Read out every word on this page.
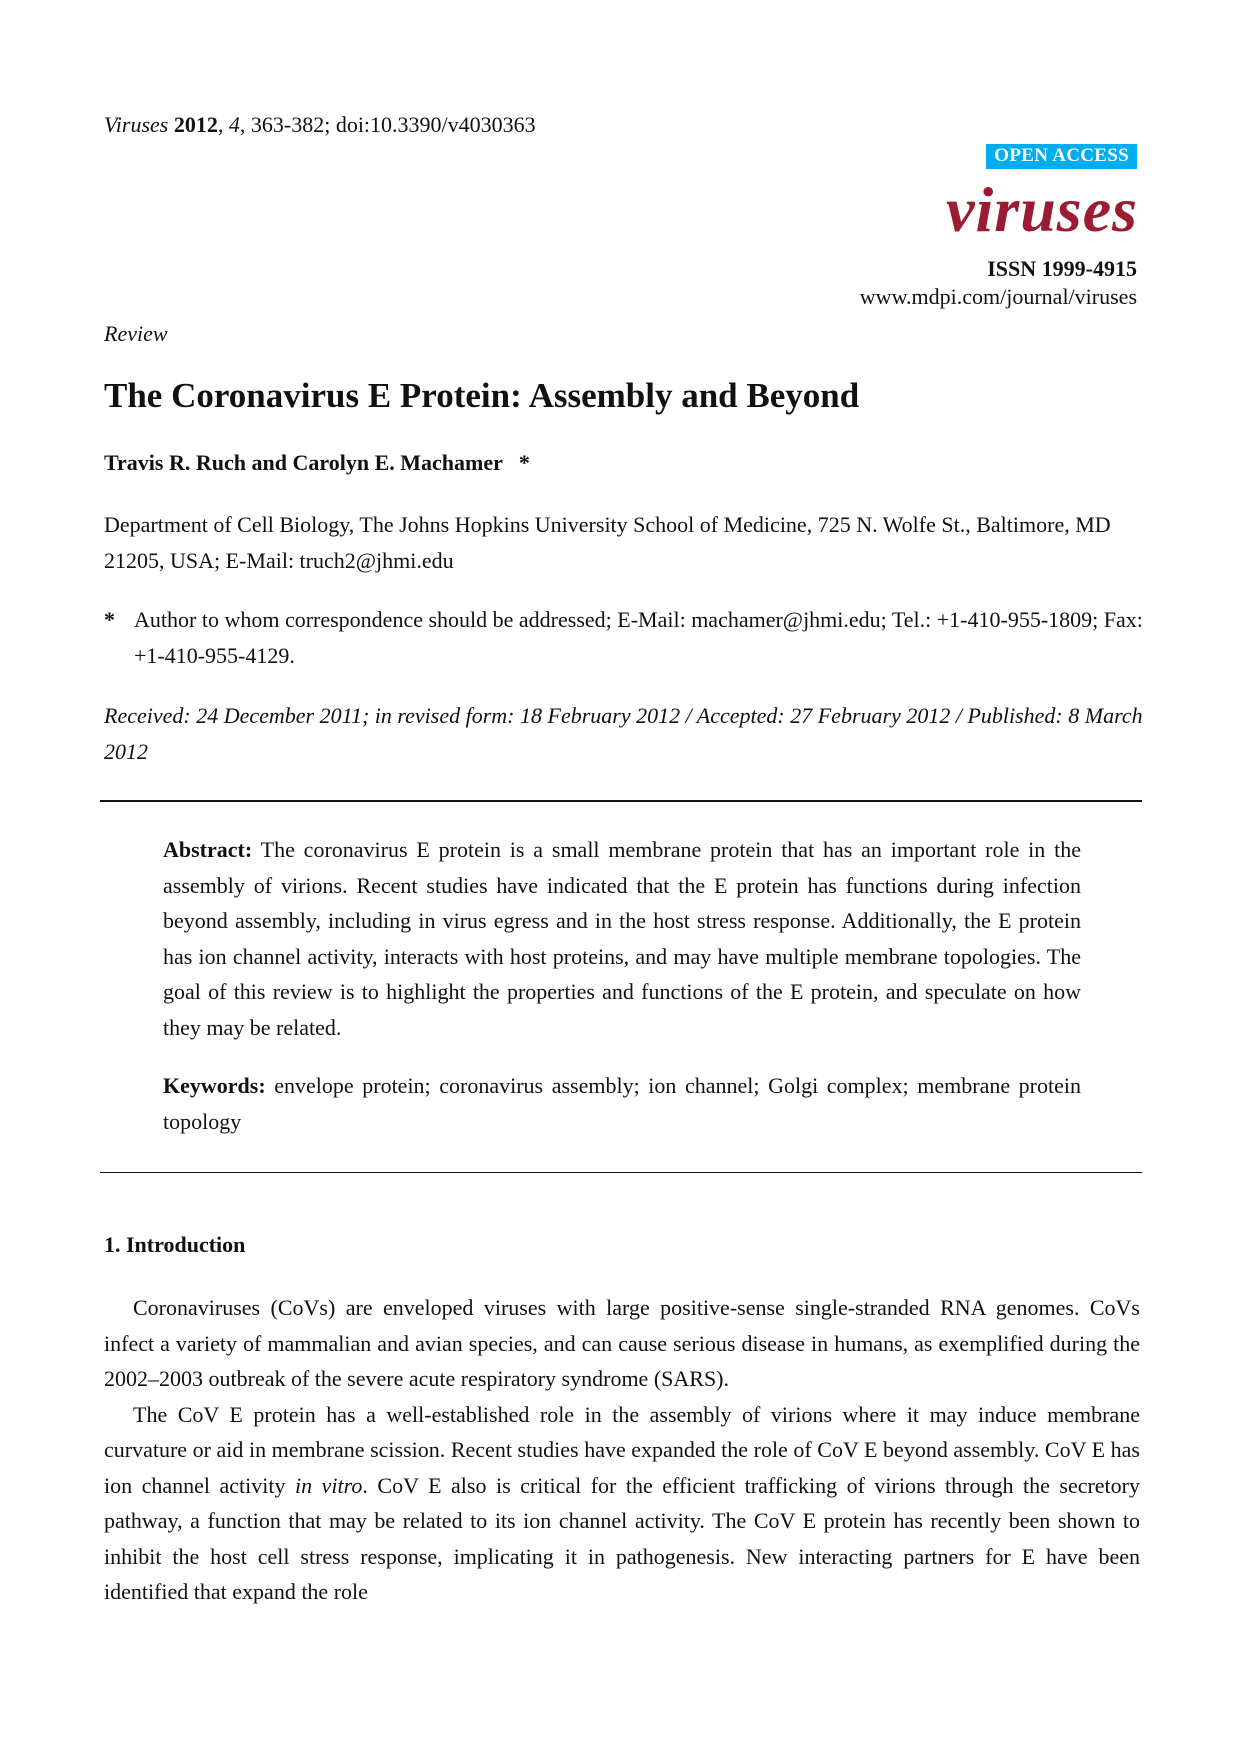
Viruses 2012, 4, 363-382; doi:10.3390/v4030363
OPEN ACCESS
viruses
ISSN 1999-4915
www.mdpi.com/journal/viruses
Review
The Coronavirus E Protein: Assembly and Beyond
Travis R. Ruch and Carolyn E. Machamer *
Department of Cell Biology, The Johns Hopkins University School of Medicine, 725 N. Wolfe St., Baltimore, MD 21205, USA; E-Mail: truch2@jhmi.edu
* Author to whom correspondence should be addressed; E-Mail: machamer@jhmi.edu; Tel.: +1-410-955-1809; Fax: +1-410-955-4129.
Received: 24 December 2011; in revised form: 18 February 2012 / Accepted: 27 February 2012 / Published: 8 March 2012
Abstract: The coronavirus E protein is a small membrane protein that has an important role in the assembly of virions. Recent studies have indicated that the E protein has functions during infection beyond assembly, including in virus egress and in the host stress response. Additionally, the E protein has ion channel activity, interacts with host proteins, and may have multiple membrane topologies. The goal of this review is to highlight the properties and functions of the E protein, and speculate on how they may be related.
Keywords: envelope protein; coronavirus assembly; ion channel; Golgi complex; membrane protein topology
1. Introduction

Coronaviruses (CoVs) are enveloped viruses with large positive-sense single-stranded RNA genomes. CoVs infect a variety of mammalian and avian species, and can cause serious disease in humans, as exemplified during the 2002–2003 outbreak of the severe acute respiratory syndrome (SARS).

The CoV E protein has a well-established role in the assembly of virions where it may induce membrane curvature or aid in membrane scission. Recent studies have expanded the role of CoV E beyond assembly. CoV E has ion channel activity in vitro. CoV E also is critical for the efficient trafficking of virions through the secretory pathway, a function that may be related to its ion channel activity. The CoV E protein has recently been shown to inhibit the host cell stress response, implicating it in pathogenesis. New interacting partners for E have been identified that expand the role
